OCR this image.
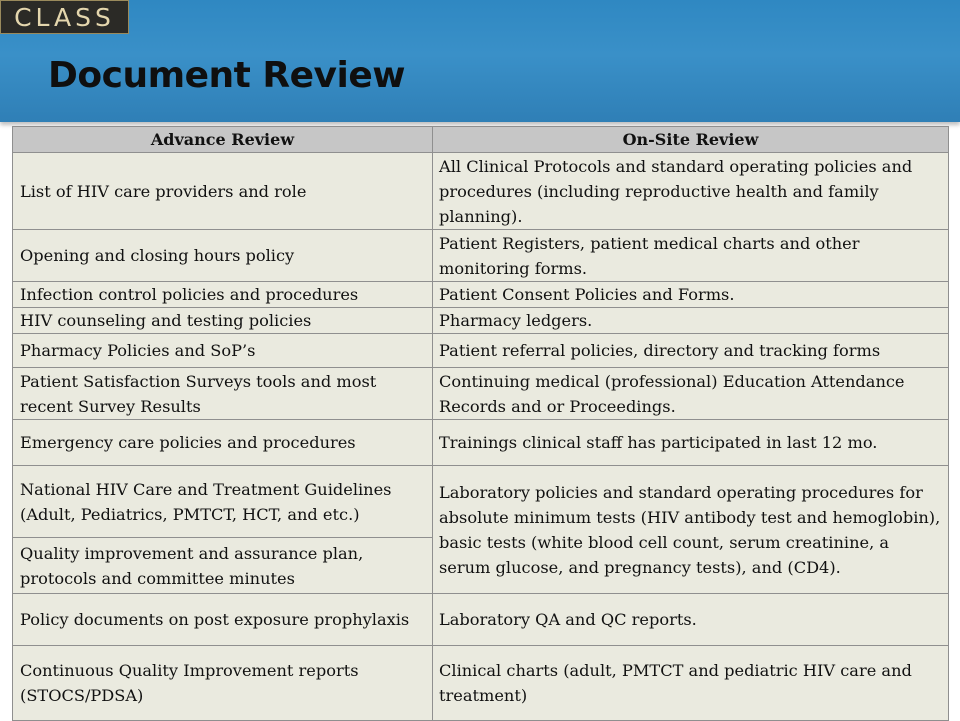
CLASS
Document Review
Advance Review	On-Site Review
List of HIV care providers and role	All Clinical Protocols and standard operating policies and procedures (including reproductive health and family planning).
Opening and closing hours policy	Patient Registers, patient medical charts and other monitoring forms.
Infection control policies and procedures	Patient Consent Policies and Forms.
HIV counseling and testing policies	Pharmacy ledgers.
Pharmacy Policies and SoP’s	Patient referral policies, directory and tracking forms
Patient Satisfaction Surveys tools and most recent Survey Results	Continuing medical (professional) Education Attendance Records and or Proceedings.
Emergency care policies and procedures	Trainings clinical staff has participated in last 12 mo.
National HIV Care and Treatment Guidelines (Adult, Pediatrics, PMTCT, HCT, and etc.)	Laboratory policies and standard operating procedures for absolute minimum tests (HIV antibody test and hemoglobin), basic tests (white blood cell count, serum creatinine, a serum glucose, and pregnancy tests), and (CD4).
Quality improvement and assurance plan, protocols and committee minutes	
Policy documents on post exposure prophylaxis	Laboratory QA and QC reports.
Continuous Quality Improvement reports (STOCS/PDSA)	Clinical charts (adult, PMTCT and pediatric HIV care and treatment)
